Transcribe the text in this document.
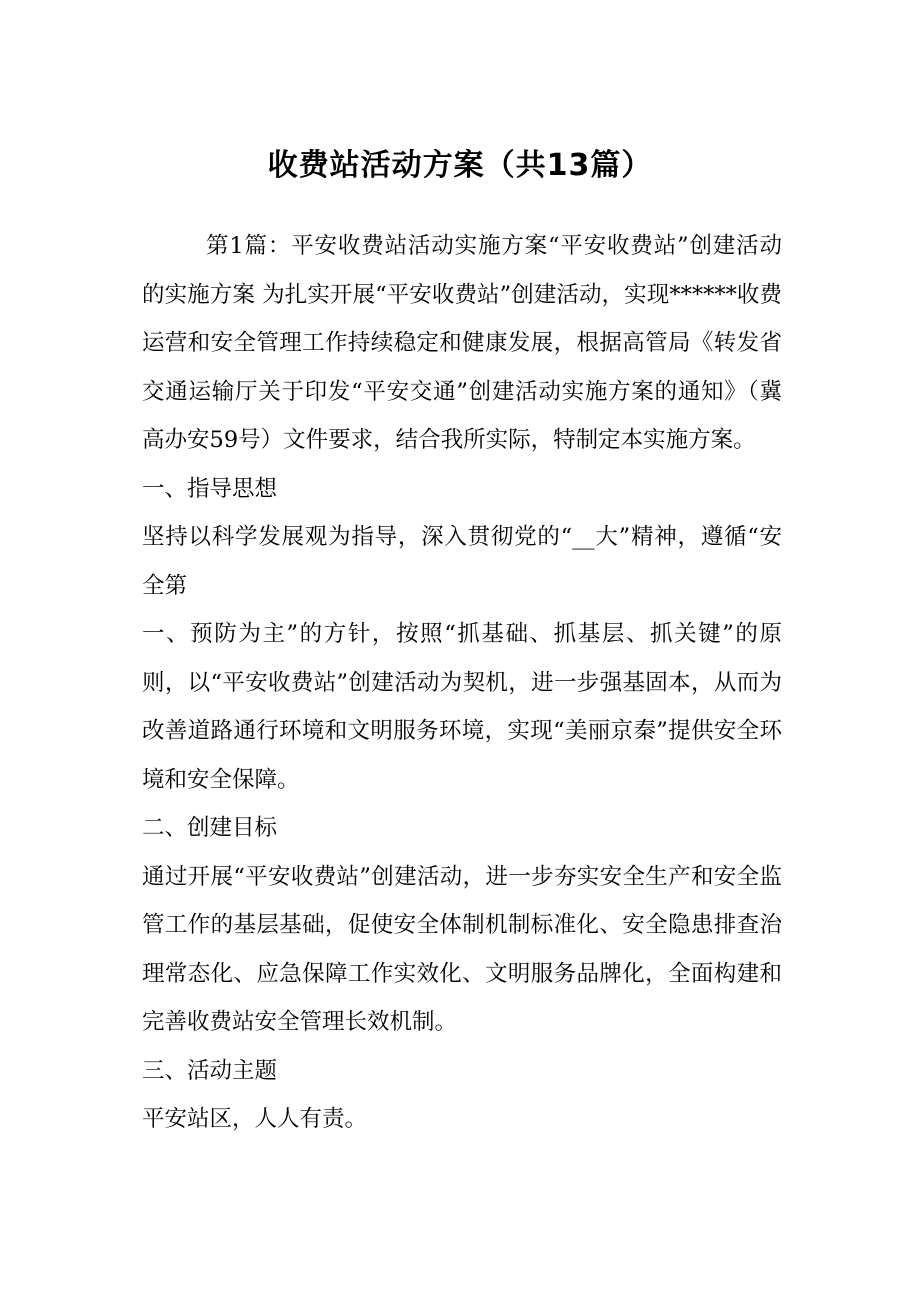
收费站活动方案（共13篇）

第1篇：平安收费站活动实施方案“平安收费站”创建活动的实施方案 为扎实开展“平安收费站”创建活动，实现******收费运营和安全管理工作持续稳定和健康发展，根据高管局《转发省交通运输厅关于印发“平安交通”创建活动实施方案的通知》（冀高办安59号）文件要求，结合我所实际，特制定本实施方案。

一、指导思想

坚持以科学发展观为指导，深入贯彻党的“__大”精神，遵循“安全第

一、预防为主”的方针，按照“抓基础、抓基层、抓关键”的原则，以“平安收费站”创建活动为契机，进一步强基固本，从而为改善道路通行环境和文明服务环境，实现“美丽京秦”提供安全环境和安全保障。

二、创建目标

通过开展“平安收费站”创建活动，进一步夯实安全生产和安全监管工作的基层基础，促使安全体制机制标准化、安全隐患排查治理常态化、应急保障工作实效化、文明服务品牌化，全面构建和完善收费站安全管理长效机制。

三、活动主题

平安站区，人人有责。
